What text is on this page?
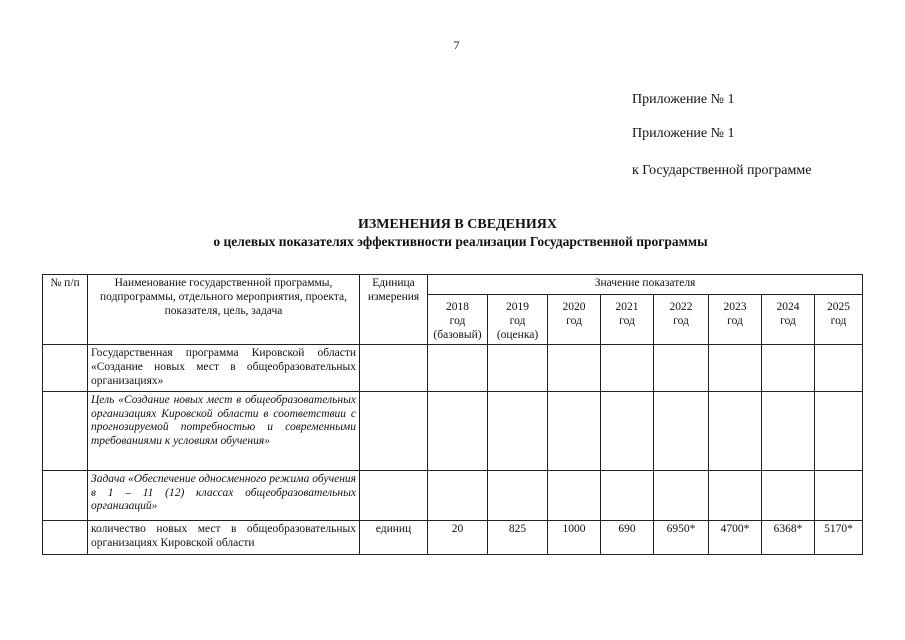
7
Приложение № 1
Приложение № 1
к Государственной программе
ИЗМЕНЕНИЯ В СВЕДЕНИЯХ
о целевых показателях эффективности реализации Государственной программы
№ п/п	Наименование государственной программы, подпрограммы, отдельного мероприятия, проекта, показателя, цель, задача	Единица измерения	Значение показателя							
			2018
год
(базовый)	2019
год
(оценка)	2020
год	2021
год	2022
год	2023
год	2024
год	2025
год
	Государственная программа Кировской области «Создание новых мест в общеобразовательных организациях»									
	Цель «Создание новых мест в общеобразовательных организациях Кировской области в соответствии с прогнозируемой потребностью и современными требованиями к условиям обучения»									
	Задача «Обеспечение односменного режима обучения в 1 – 11 (12) классах общеобразовательных организаций»									
	количество новых мест в общеобразовательных организациях Кировской области	единиц	20	825	1000	690	6950*	4700*	6368*	5170*
